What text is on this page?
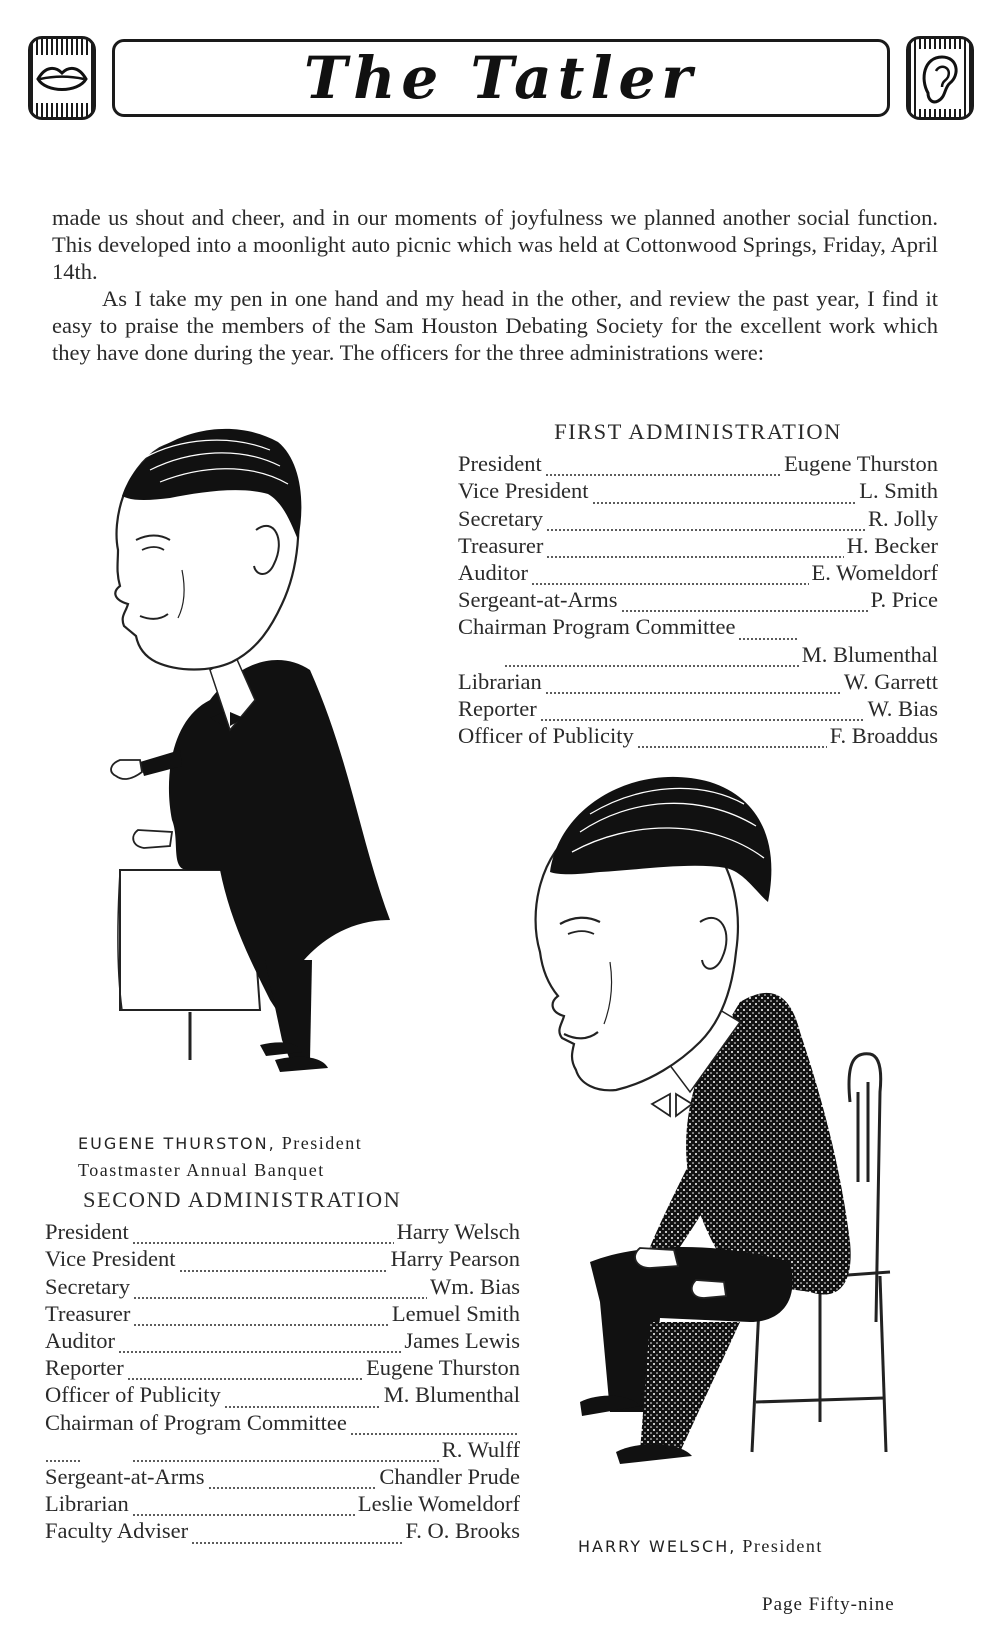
The Tatler

made us shout and cheer, and in our moments of joyfulness we planned another social function. This developed into a moonlight auto picnic which was held at Cottonwood Springs, Friday, April 14th.

As I take my pen in one hand and my head in the other, and review the past year, I find it easy to praise the members of the Sam Houston Debating Society for the excellent work which they have done during the year. The officers for the three administrations were:

FIRST ADMINISTRATION
President	Eugene Thurston
Vice President	L. Smith
Secretary	R. Jolly
Treasurer	H. Becker
Auditor	E. Womeldorf
Sergeant-at-Arms	P. Price
Chairman Program Committee
M. Blumenthal
Librarian	W. Garrett
Reporter	W. Bias
Officer of Publicity	F. Broaddus
EUGENE THURSTON, President
Toastmaster Annual Banquet
SECOND ADMINISTRATION
President	Harry Welsch
Vice President	Harry Pearson
Secretary	Wm. Bias
Treasurer	Lemuel Smith
Auditor	James Lewis
Reporter	Eugene Thurston
Officer of Publicity	M. Blumenthal
Chairman of Program Committee
R. Wulff
Sergeant-at-Arms	Chandler Prude
Librarian	Leslie Womeldorf
Faculty Adviser	F. O. Brooks
HARRY WELSCH, President
Page Fifty-nine
